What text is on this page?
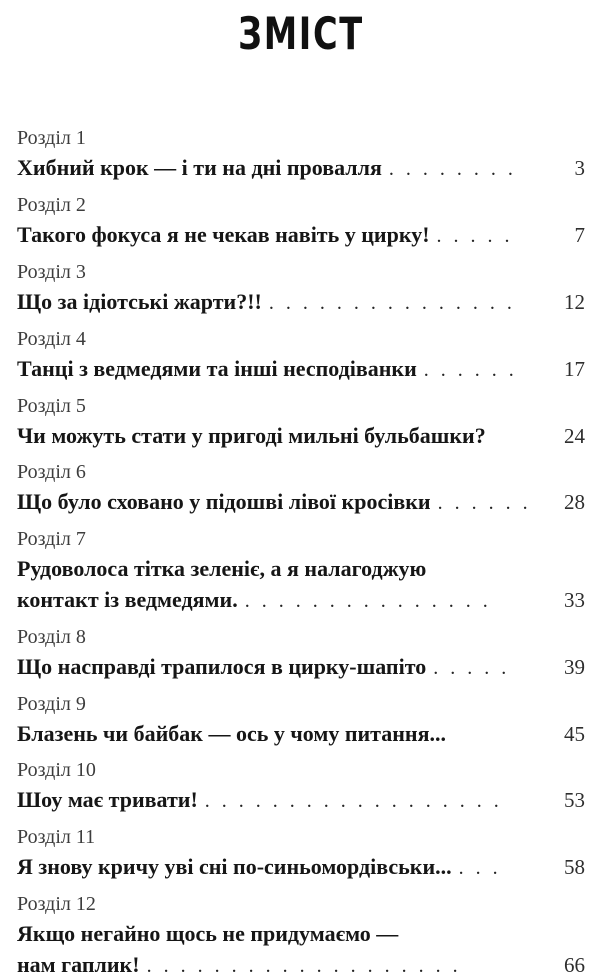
ЗМІСТ
Розділ 1
Хибний крок — і ти на дні провалля . . . . . . . .	3
Розділ 2
Такого фокуса я не чекав навіть у цирку! . . . . .	7
Розділ 3
Що за ідіотські жарти?!! . . . . . . . . . . . . . . .	12
Розділ 4
Танці з ведмедями та інші несподіванки . . . . . .	17
Розділ 5
Чи можуть стати у пригоді мильні бульбашки?	24
Розділ 6
Що було сховано у підошві лівої кросівки . . . . . .	28
Розділ 7
Рудоволоса тітка зеленіє, а я налагоджую
контакт із ведмедями. . . . . . . . . . . . . . . .	33
Розділ 8
Що насправді трапилося в цирку-шапіто . . . . .	39
Розділ 9
Блазень чи байбак — ось у чому питання...	45
Розділ 10
Шоу має тривати! . . . . . . . . . . . . . . . . . .	53
Розділ 11
Я знову кричу уві сні по-синьомордівськи... . . .	58
Розділ 12
Якщо негайно щось не придумаємо —
нам гаплик! . . . . . . . . . . . . . . . . . . .	66
